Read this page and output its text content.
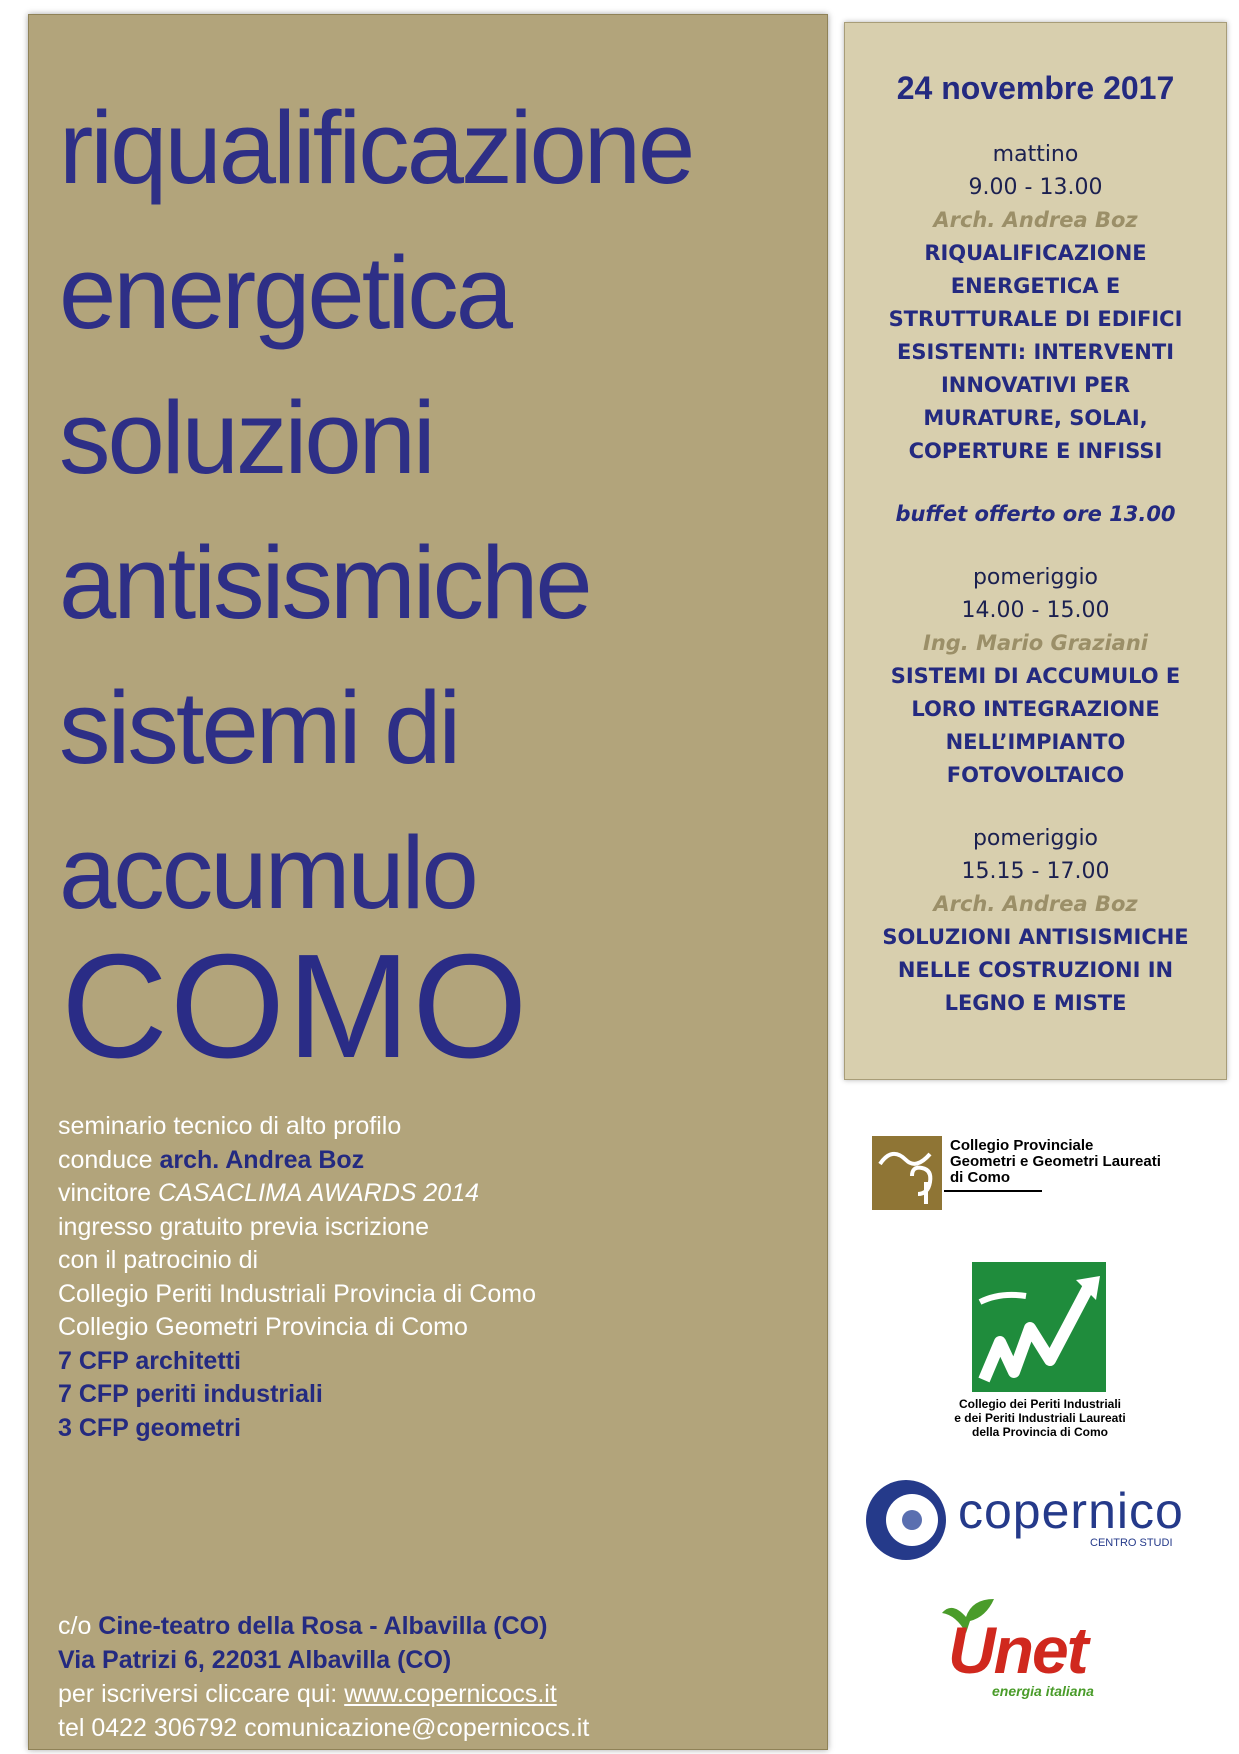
riqualificazione
energetica
soluzioni
antisismiche
sistemi di
accumulo
COMO
seminario tecnico di alto profilo
conduce arch. Andrea Boz
vincitore CASACLIMA AWARDS 2014
ingresso gratuito previa iscrizione
con il patrocinio di
Collegio Periti Industriali Provincia di Como
Collegio Geometri Provincia di Como
7 CFP architetti
7 CFP periti industriali
3 CFP geometri
c/o Cine-teatro della Rosa - Albavilla (CO)
Via Patrizi 6, 22031 Albavilla (CO)
per iscriversi cliccare qui: www.copernicocs.it
tel 0422 306792 comunicazione@copernicocs.it
24 novembre 2017
mattino
9.00 - 13.00
Arch. Andrea Boz
RIQUALIFICAZIONE ENERGETICA E STRUTTURALE DI EDIFICI ESISTENTI: INTERVENTI INNOVATIVI PER MURATURE, SOLAI, COPERTURE E INFISSI
buffet offerto ore 13.00
pomeriggio
14.00 - 15.00
Ing. Mario Graziani
SISTEMI DI ACCUMULO E LORO INTEGRAZIONE NELL’IMPIANTO FOTOVOLTAICO
pomeriggio
15.15 - 17.00
Arch. Andrea Boz
SOLUZIONI ANTISISMICHE NELLE COSTRUZIONI IN LEGNO E MISTE
Collegio Provinciale
Geometri e Geometri Laureati
di Como
Collegio dei Periti Industriali
e dei Periti Industriali Laureati
della Provincia di Como
copernico
CENTRO STUDI
Unet
energia italiana
